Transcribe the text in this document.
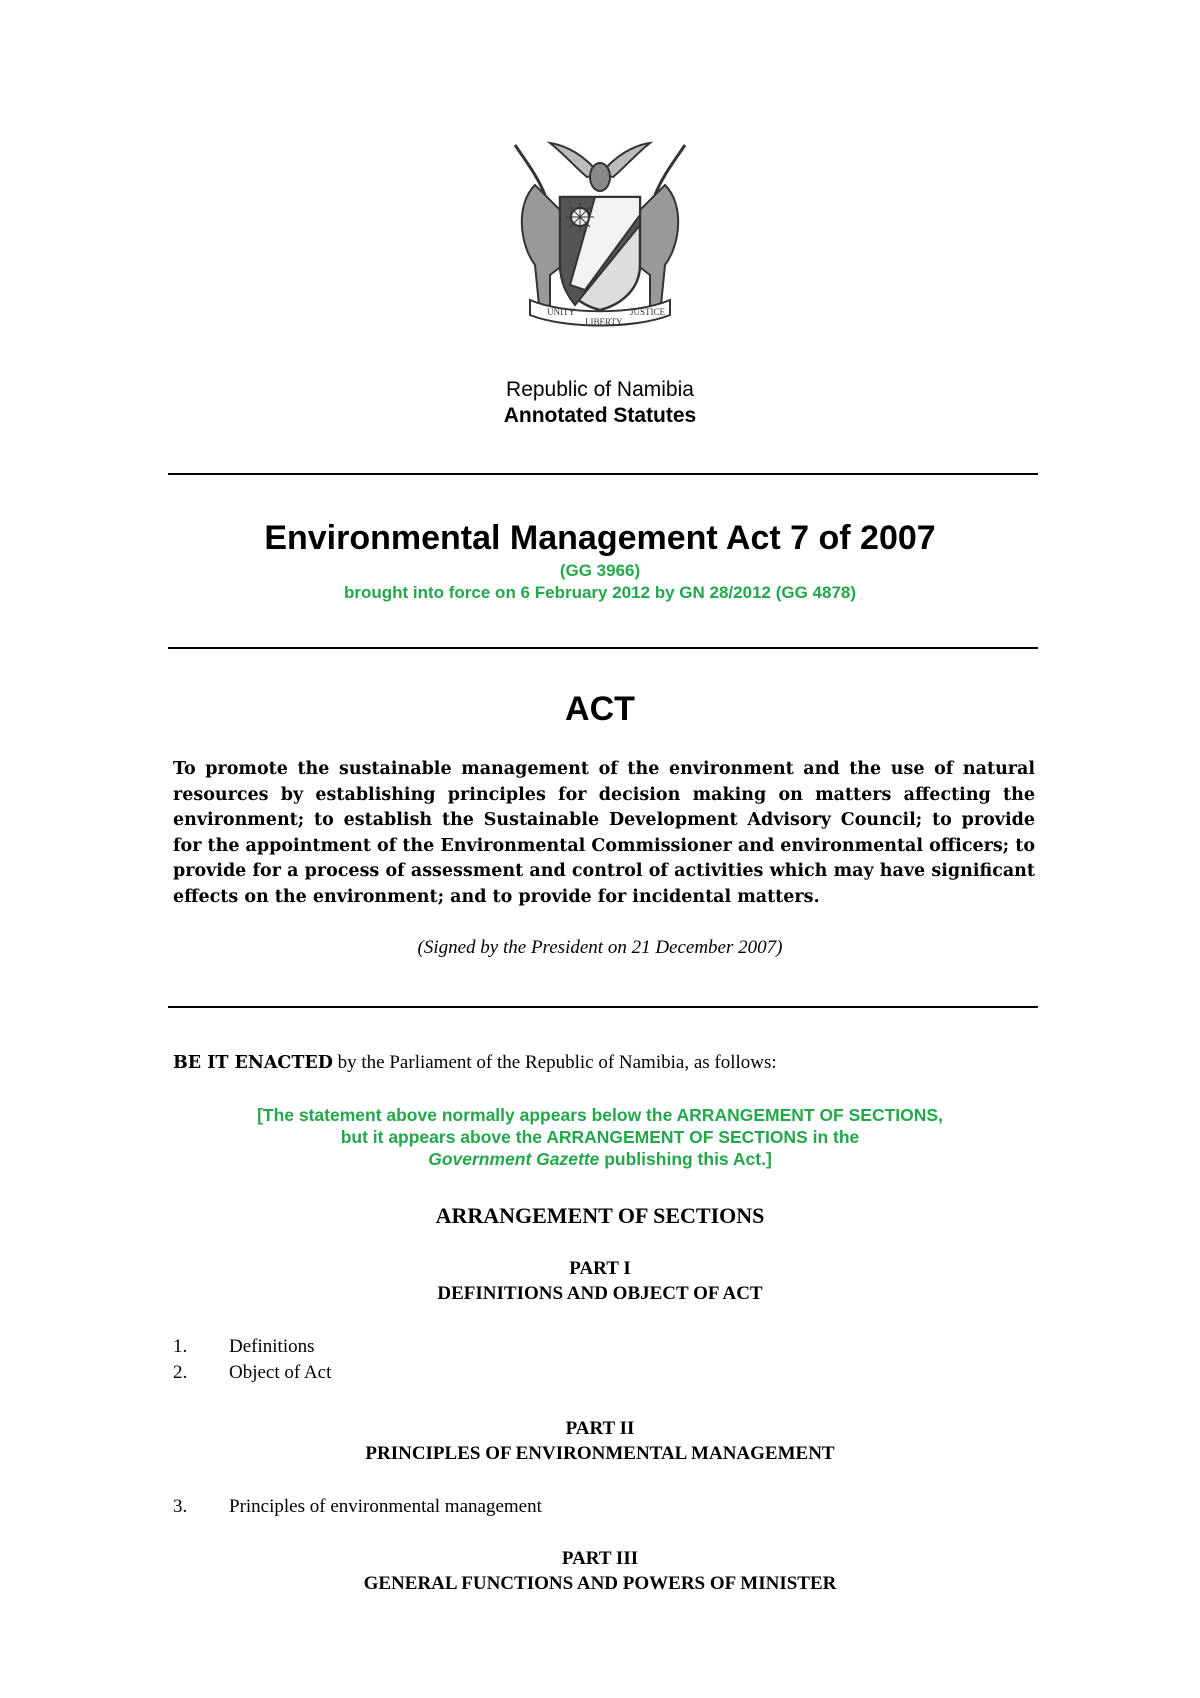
UNITY
LIBERTY
JUSTICE
Republic of Namibia
Annotated Statutes
Environmental Management Act 7 of 2007
(GG 3966)
brought into force on 6 February 2012 by GN 28/2012 (GG 4878)
ACT
To promote the sustainable management of the environment and the use of natural resources by establishing principles for decision making on matters affecting the environment; to establish the Sustainable Development Advisory Council; to provide for the appointment of the Environmental Commissioner and environmental officers; to provide for a process of assessment and control of activities which may have significant effects on the environment; and to provide for incidental matters.
(Signed by the President on 21 December 2007)
BE IT ENACTED by the Parliament of the Republic of Namibia, as follows:
[The statement above normally appears below the ARRANGEMENT OF SECTIONS,
but it appears above the ARRANGEMENT OF SECTIONS in the
Government Gazette publishing this Act.]
ARRANGEMENT OF SECTIONS
PART I
DEFINITIONS AND OBJECT OF ACT
1. Definitions
2. Object of Act
PART II
PRINCIPLES OF ENVIRONMENTAL MANAGEMENT
3. Principles of environmental management
PART III
GENERAL FUNCTIONS AND POWERS OF MINISTER
